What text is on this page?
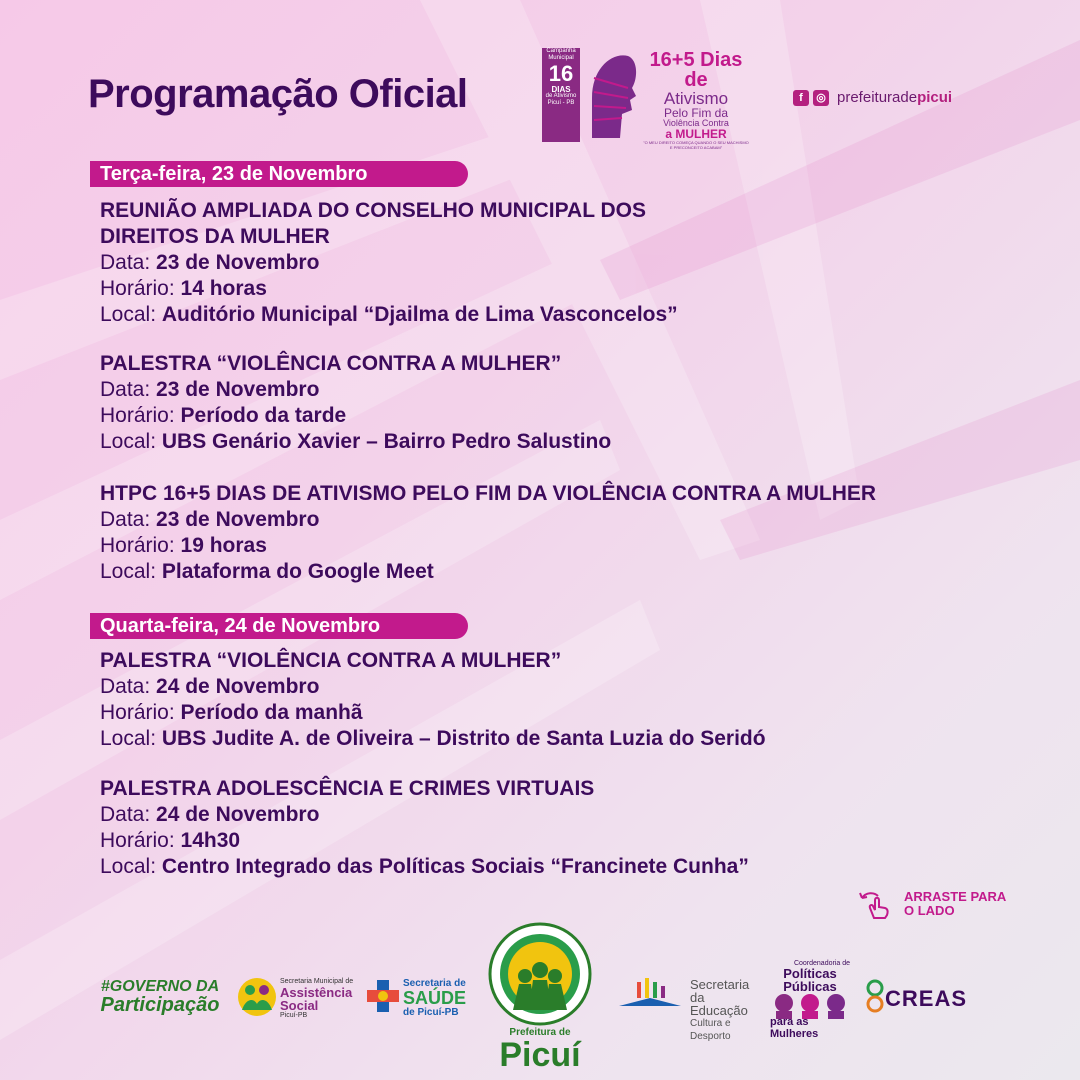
Programação Oficial
Campanha Municipal
16
DIAS
de Ativismo Picuí - PB
16+5 Dias de
Ativismo
Pelo Fim da
Violência Contra
a MULHER
"O MEU DIREITO COMEÇA QUANDO O SEU MACHISMO E PRECONCEITO ACABAM"
f	◎ prefeituradepicui
Terça-feira, 23 de Novembro
REUNIÃO AMPLIADA DO CONSELHO MUNICIPAL DOS
DIREITOS DA MULHER
Data: 23 de Novembro
Horário: 14 horas
Local: Auditório Municipal “Djailma de Lima Vasconcelos”
PALESTRA “VIOLÊNCIA CONTRA A MULHER”
Data: 23 de Novembro
Horário: Período da tarde
Local: UBS Genário Xavier – Bairro Pedro Salustino
HTPC 16+5 DIAS DE ATIVISMO PELO FIM DA VIOLÊNCIA CONTRA A MULHER
Data: 23 de Novembro
Horário: 19 horas
Local: Plataforma do Google Meet
Quarta-feira, 24 de Novembro
PALESTRA “VIOLÊNCIA CONTRA A MULHER”
Data: 24 de Novembro
Horário: Período da manhã
Local: UBS Judite A. de Oliveira – Distrito de Santa Luzia do Seridó
PALESTRA ADOLESCÊNCIA E CRIMES VIRTUAIS
Data: 24 de Novembro
Horário: 14h30
Local: Centro Integrado das Políticas Sociais “Francinete Cunha”
ARRASTE PARA
O LADO
#GOVERNO DA
Participação
Secretaria Municipal de
Assistência Social
Picuí-PB
Secretaria de
SAÚDE
de Picuí-PB
Prefeitura de
Picuí
Secretaria da
Educação
Cultura e Desporto
Coordenadoria de
Políticas Públicas
para as Mulheres
CREAS
